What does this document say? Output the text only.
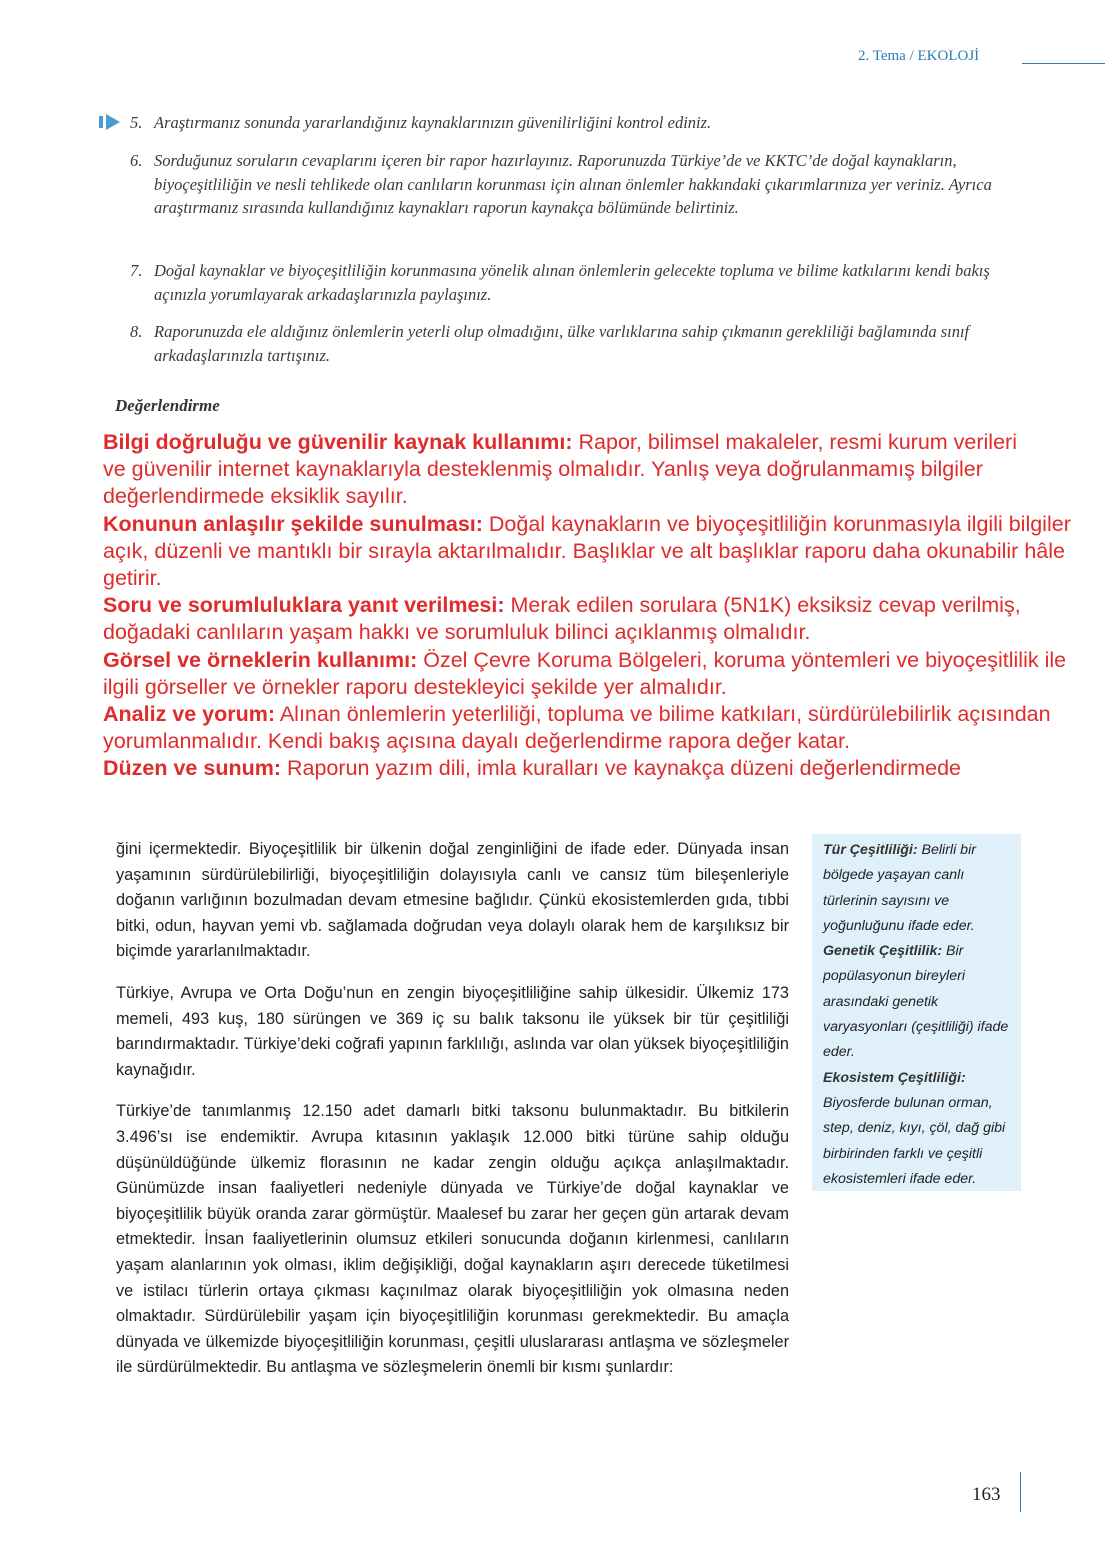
2. Tema / EKOLOJİ
5. Araştırmanız sonunda yararlandığınız kaynaklarınızın güvenilirliğini kontrol ediniz.
6. Sorduğunuz soruların cevaplarını içeren bir rapor hazırlayınız. Raporunuzda Türkiye’de ve KKTC’de doğal kaynakların, biyoçeşitliliğin ve nesli tehlikede olan canlıların korunması için alınan önlemler hakkındaki çıkarımlarınıza yer veriniz. Ayrıca araştırmanız sırasında kullandığınız kaynakları raporun kaynakça bölümünde belirtiniz.
7. Doğal kaynaklar ve biyoçeşitliliğin korunmasına yönelik alınan önlemlerin gelecekte topluma ve bilime katkılarını kendi bakış açınızla yorumlayarak arkadaşlarınızla paylaşınız.
8. Raporunuzda ele aldığınız önlemlerin yeterli olup olmadığını, ülke varlıklarına sahip çıkmanın gerekliliği bağlamında sınıf arkadaşlarınızla tartışınız.
Değerlendirme

Bilgi doğruluğu ve güvenilir kaynak kullanımı: Rapor, bilimsel makaleler, resmi kurum verileri

ve güvenilir internet kaynaklarıyla desteklenmiş olmalıdır. Yanlış veya doğrulanmamış bilgiler değerlendirmede eksiklik sayılır.

Konunun anlaşılır şekilde sunulması: Doğal kaynakların ve biyoçeşitliliğin korunmasıyla ilgili bilgiler açık, düzenli ve mantıklı bir sırayla aktarılmalıdır. Başlıklar ve alt başlıklar raporu daha okunabilir hâle getirir.

Soru ve sorumluluklara yanıt verilmesi: Merak edilen sorulara (5N1K) eksiksiz cevap verilmiş,

doğadaki canlıların yaşam hakkı ve sorumluluk bilinci açıklanmış olmalıdır.

Görsel ve örneklerin kullanımı: Özel Çevre Koruma Bölgeleri, koruma yöntemleri ve biyoçeşitlilik ile ilgili görseller ve örnekler raporu destekleyici şekilde yer almalıdır.

Analiz ve yorum: Alınan önlemlerin yeterliliği, topluma ve bilime katkıları, sürdürülebilirlik açısından yorumlanmalıdır. Kendi bakış açısına dayalı değerlendirme rapora değer katar.

Düzen ve sunum: Raporun yazım dili, imla kuralları ve kaynakça düzeni değerlendirmede

ğini içermektedir. Biyoçeşitlilik bir ülkenin doğal zenginliğini de ifade eder. Dünyada insan yaşamının sürdürülebilirliği, biyoçeşitliliğin dolayısıyla canlı ve cansız tüm bileşenleriyle doğanın varlığının bozulmadan devam etmesine bağlıdır. Çünkü ekosistemlerden gıda, tıbbi bitki, odun, hayvan yemi vb. sağlamada doğrudan veya dolaylı olarak hem de karşılıksız bir biçimde yararlanılmaktadır.

Türkiye, Avrupa ve Orta Doğu’nun en zengin biyoçeşitliliğine sahip ülkesidir. Ülkemiz 173 memeli, 493 kuş, 180 sürüngen ve 369 iç su balık taksonu ile yüksek bir tür çeşitliliği barındırmaktadır. Türkiye’deki coğrafi yapının farklılığı, aslında var olan yüksek biyoçeşitliliğin kaynağıdır.

Türkiye’de tanımlanmış 12.150 adet damarlı bitki taksonu bulunmaktadır. Bu bitkilerin 3.496’sı ise endemiktir. Avrupa kıtasının yaklaşık 12.000 bitki türüne sahip olduğu düşünüldüğünde ülkemiz florasının ne kadar zengin olduğu açıkça anlaşılmaktadır. Günümüzde insan faaliyetleri nedeniyle dünyada ve Türkiye’de doğal kaynaklar ve biyoçeşitlilik büyük oranda zarar görmüştür. Maalesef bu zarar her geçen gün artarak devam etmektedir. İnsan faaliyetlerinin olumsuz etkileri sonucunda doğanın kirlenmesi, canlıların yaşam alanlarının yok olması, iklim değişikliği, doğal kaynakların aşırı derecede tüketilmesi ve istilacı türlerin ortaya çıkması kaçınılmaz olarak biyoçeşitliliğin yok olmasına neden olmaktadır. Sürdürülebilir yaşam için biyoçeşitliliğin korunması gerekmektedir. Bu amaçla dünyada ve ülkemizde biyoçeşitliliğin korunması, çeşitli uluslararası antlaşma ve sözleşmeler ile sürdürülmektedir. Bu antlaşma ve sözleşmelerin önemli bir kısmı şunlardır:

Tür Çeşitliliği: Belirli bir bölgede yaşayan canlı türlerinin sayısını ve yoğunluğunu ifade eder.

Genetik Çeşitlilik: Bir popülasyonun bireyleri arasındaki genetik varyasyonları (çeşitliliği) ifade eder.

Ekosistem Çeşitliliği:
Biyosferde bulunan orman, step, deniz, kıyı, çöl, dağ gibi birbirinden farklı ve çeşitli ekosistemleri ifade eder.

163
